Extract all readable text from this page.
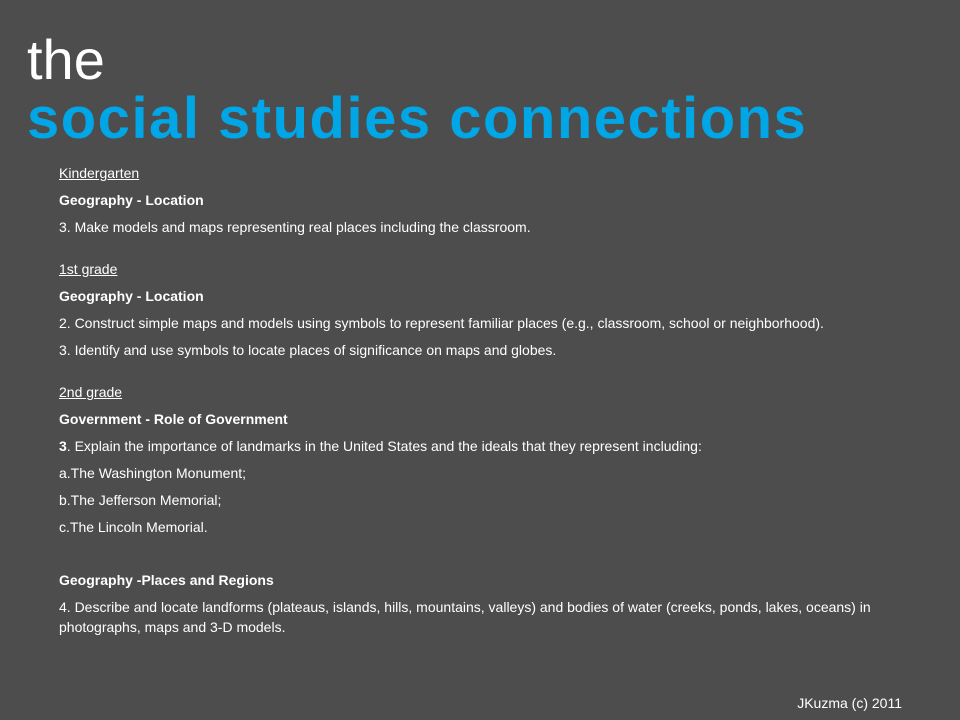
the
social studies connections

Kindergarten

Geography - Location

3. Make models and maps representing real places including the classroom.

1st grade

Geography - Location

2. Construct simple maps and models using symbols to represent familiar places (e.g., classroom, school or neighborhood).

3. Identify and use symbols to locate places of significance on maps and globes.

2nd grade

Government - Role of Government

3. Explain the importance of landmarks in the United States and the ideals that they represent including:

a.The Washington Monument;

b.The Jefferson Memorial;

c.The Lincoln Memorial.

Geography -Places and Regions

4. Describe and locate landforms (plateaus, islands, hills, mountains, valleys) and bodies of water (creeks, ponds, lakes, oceans) in photographs, maps and 3-D models.

JKuzma (c) 2011
